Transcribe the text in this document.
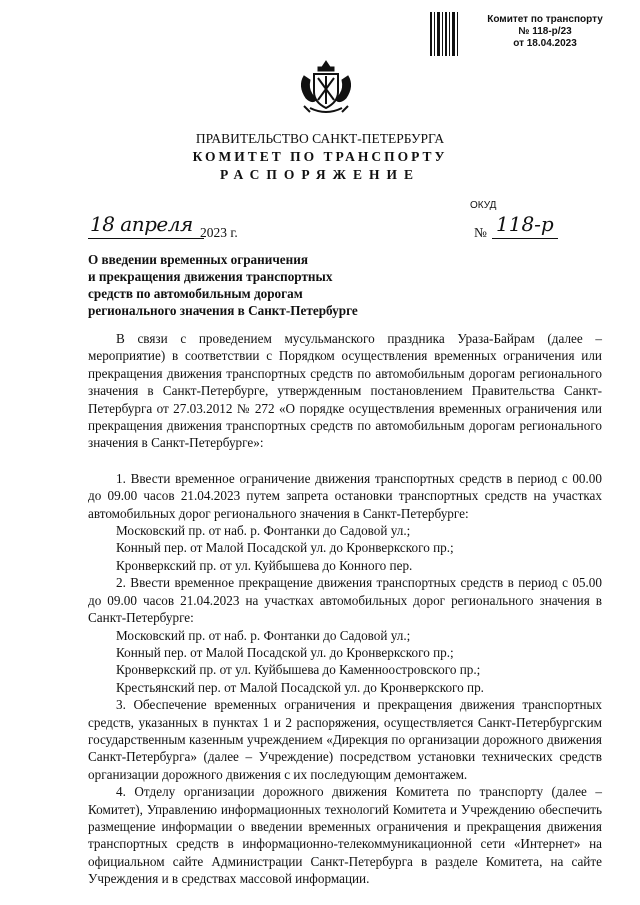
Комитет по транспорту
№ 118-р/23
от 18.04.2023
ПРАВИТЕЛЬСТВО САНКТ-ПЕТЕРБУРГА
КОМИТЕТ ПО ТРАНСПОРТУ
РАСПОРЯЖЕНИЕ
ОКУД
18 апреля 2023 г.	№ 118-р
О введении временных ограничения
и прекращения движения транспортных
средств по автомобильным дорогам
регионального значения в Санкт-Петербурге

В связи с проведением мусульманского праздника Ураза-Байрам (далее – мероприятие) в соответствии с Порядком осуществления временных ограничения или прекращения движения транспортных средств по автомобильным дорогам регионального значения в Санкт-Петербурге, утвержденным постановлением Правительства Санкт-Петербурга от 27.03.2012 № 272 «О порядке осуществления временных ограничения или прекращения движения транспортных средств по автомобильным дорогам регионального значения в Санкт-Петербурге»:

1. Ввести временное ограничение движения транспортных средств в период с 00.00 до 09.00 часов 21.04.2023 путем запрета остановки транспортных средств на участках автомобильных дорог регионального значения в Санкт-Петербурге:

Московский пр. от наб. р. Фонтанки до Садовой ул.;

Конный пер. от Малой Посадской ул. до Кронверкского пр.;

Кронверкский пр. от ул. Куйбышева до Конного пер.

2. Ввести временное прекращение движения транспортных средств в период с 05.00 до 09.00 часов 21.04.2023 на участках автомобильных дорог регионального значения в Санкт-Петербурге:

Московский пр. от наб. р. Фонтанки до Садовой ул.;

Конный пер. от Малой Посадской ул. до Кронверкского пр.;

Кронверкский пр. от ул. Куйбышева до Каменноостровского пр.;

Крестьянский пер. от Малой Посадской ул. до Кронверкского пр.

3. Обеспечение временных ограничения и прекращения движения транспортных средств, указанных в пунктах 1 и 2 распоряжения, осуществляется Санкт-Петербургским государственным казенным учреждением «Дирекция по организации дорожного движения Санкт-Петербурга» (далее – Учреждение) посредством установки технических средств организации дорожного движения с их последующим демонтажем.

4. Отделу организации дорожного движения Комитета по транспорту (далее – Комитет), Управлению информационных технологий Комитета и Учреждению обеспечить размещение информации о введении временных ограничения и прекращения движения транспортных средств в информационно-телекоммуникационной сети «Интернет» на официальном сайте Администрации Санкт-Петербурга в разделе Комитета, на сайте Учреждения и в средствах массовой информации.
